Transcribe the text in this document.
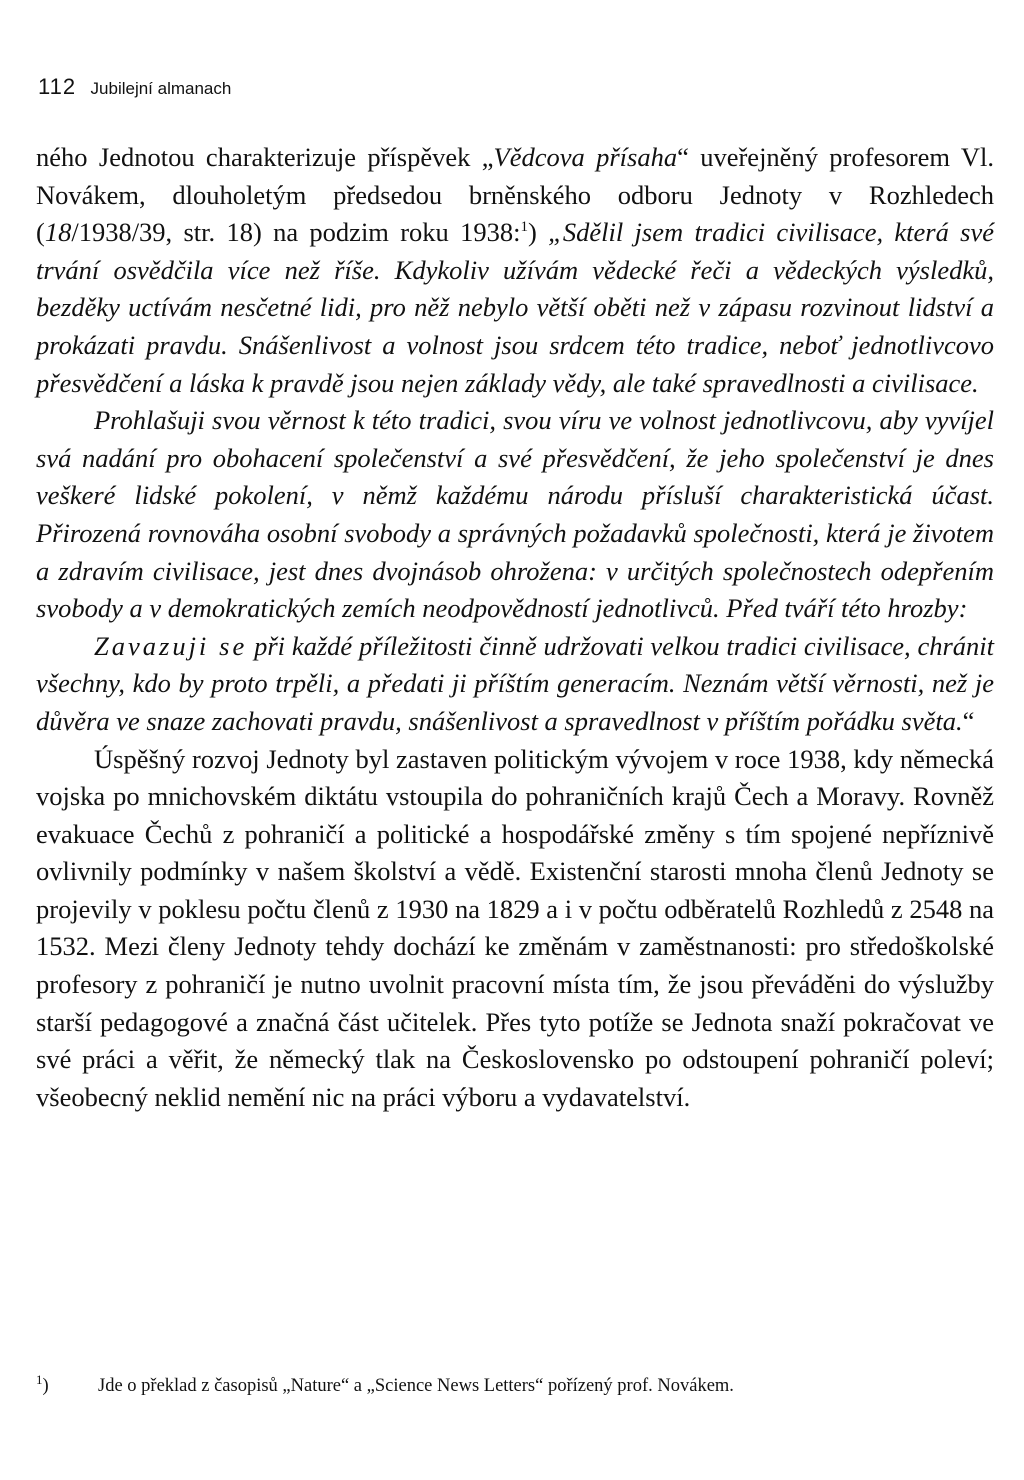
112 Jubilejní almanach

ného Jednotou charakterizuje příspěvek „Vědcova přísaha“ uveřejněný profesorem Vl. Novákem, dlouholetým předsedou brněnského odboru Jednoty v Rozhledech (18/1938/39, str. 18) na podzim roku 1938:$^1$) „Sdělil jsem tradici civilisace, která své trvání osvědčila více než říše. Kdykoliv užívám vědecké řeči a vědeckých výsledků, bezděky uctívám nesčetné lidi, pro něž nebylo větší oběti než v zápasu rozvinout lidství a prokázati pravdu. Snášenlivost a volnost jsou srdcem této tradice, neboť jednotlivcovo přesvědčení a láska k pravdě jsou nejen základy vědy, ale také spravedlnosti a civilisace.

Prohlašuji svou věrnost k této tradici, svou víru ve volnost jednotlivcovu, aby vyvíjel svá nadání pro obohacení společenství a své přesvědčení, že jeho společenství je dnes veškeré lidské pokolení, v němž každému národu přísluší charakteristická účast. Přirozená rovnováha osobní svobody a správných požadavků společnosti, která je životem a zdravím civilisace, jest dnes dvojnásob ohrožena: v určitých společnostech odepřením svobody a v demokratických zemích neodpovědností jednotlivců. Před tváří této hrozby:

Zavazuji se při každé příležitosti činně udržovati velkou tradici civilisace, chránit všechny, kdo by proto trpěli, a předati ji příštím generacím. Neznám větší věrnosti, než je důvěra ve snaze zachovati pravdu, snášenlivost a spravedlnost v příštím pořádku světa.“

Úspěšný rozvoj Jednoty byl zastaven politickým vývojem v roce 1938, kdy německá vojska po mnichovském diktátu vstoupila do pohraničních krajů Čech a Moravy. Rovněž evakuace Čechů z pohraničí a politické a hospodářské změny s tím spojené nepříznivě ovlivnily podmínky v našem školství a vědě. Existenční starosti mnoha členů Jednoty se projevily v poklesu počtu členů z 1930 na 1829 a i v počtu odběratelů Rozhledů z 2548 na 1532. Mezi členy Jednoty tehdy dochází ke změnám v zaměstnanosti: pro středoškolské profesory z pohraničí je nutno uvolnit pracovní místa tím, že jsou převáděni do výslužby starší pedagogové a značná část učitelek. Přes tyto potíže se Jednota snaží pokračovat ve své práci a věřit, že německý tlak na Československo po odstoupení pohraničí poleví; všeobecný neklid nemění nic na práci výboru a vydavatelství.

$^1$)	Jde o překlad z časopisů „Nature“ a „Science News Letters“ pořízený prof. Novákem.
